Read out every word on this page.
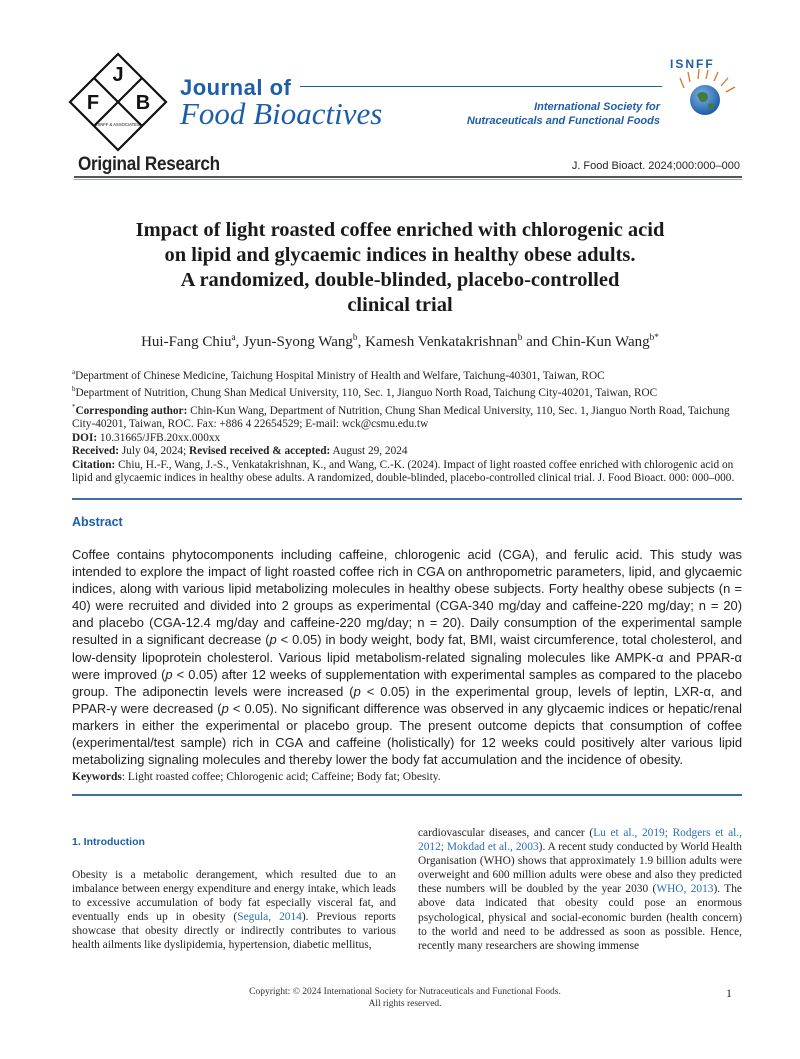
J
F B
ISNFF & ASSOCIATES
Journal of
Food Bioactives	International Society for
Nutraceuticals and Functional Foods
ISNFF
Original Research	J. Food Bioact. 2024;000:000–000
Impact of light roasted coffee enriched with chlorogenic acid
on lipid and glycaemic indices in healthy obese adults.
A randomized, double-blinded, placebo-controlled
clinical trial
Hui-Fang Chiu$^a$, Jyun-Syong Wang$^b$, Kamesh Venkatakrishnan$^b$ and Chin-Kun Wang$^{b*}$

$^a$Department of Chinese Medicine, Taichung Hospital Ministry of Health and Welfare, Taichung-40301, Taiwan, ROC

$^b$Department of Nutrition, Chung Shan Medical University, 110, Sec. 1, Jianguo North Road, Taichung City-40201, Taiwan, ROC

*Corresponding author: Chin-Kun Wang, Department of Nutrition, Chung Shan Medical University, 110, Sec. 1, Jianguo North Road, Taichung City-40201, Taiwan, ROC. Fax: +886 4 22654529; E-mail: wck@csmu.edu.tw

DOI: 10.31665/JFB.20xx.000xx

Received: July 04, 2024; Revised received & accepted: August 29, 2024

Citation: Chiu, H.-F., Wang, J.-S., Venkatakrishnan, K., and Wang, C.-K. (2024). Impact of light roasted coffee enriched with chlorogenic acid on lipid and glycaemic indices in healthy obese adults. A randomized, double-blinded, placebo-controlled clinical trial. J. Food Bioact. 000: 000–000.

Abstract
Coffee contains phytocomponents including caffeine, chlorogenic acid (CGA), and ferulic acid. This study was intended to explore the impact of light roasted coffee rich in CGA on anthropometric parameters, lipid, and glycaemic indices, along with various lipid metabolizing molecules in healthy obese subjects. Forty healthy obese subjects (n = 40) were recruited and divided into 2 groups as experimental (CGA-340 mg/day and caffeine-220 mg/day; n = 20) and placebo (CGA-12.4 mg/day and caffeine-220 mg/day; n = 20). Daily consumption of the experimental sample resulted in a significant decrease (p < 0.05) in body weight, body fat, BMI, waist circumference, total cholesterol, and low-density lipoprotein cholesterol. Various lipid metabolism-related signaling molecules like AMPK-α and PPAR-α were improved (p < 0.05) after 12 weeks of supplementation with experimental samples as compared to the placebo group. The adiponectin levels were increased (p < 0.05) in the experimental group, levels of leptin, LXR-α, and PPAR-γ were decreased (p < 0.05). No significant difference was observed in any glycaemic indices or hepatic/renal markers in either the experimental or placebo group. The present outcome depicts that consumption of coffee (experimental/test sample) rich in CGA and caffeine (holistically) for 12 weeks could positively alter various lipid metabolizing signaling molecules and thereby lower the body fat accumulation and the incidence of obesity.
Keywords: Light roasted coffee; Chlorogenic acid; Caffeine; Body fat; Obesity.
1. Introduction
Obesity is a metabolic derangement, which resulted due to an imbalance between energy expenditure and energy intake, which leads to excessive accumulation of body fat especially visceral fat, and eventually ends up in obesity (Segula, 2014). Previous reports showcase that obesity directly or indirectly contributes to various health ailments like dyslipidemia, hypertension, diabetic mellitus,
cardiovascular diseases, and cancer (Lu et al., 2019; Rodgers et al., 2012; Mokdad et al., 2003). A recent study conducted by World Health Organisation (WHO) shows that approximately 1.9 billion adults were overweight and 600 million adults were obese and also they predicted these numbers will be doubled by the year 2030 (WHO, 2013). The above data indicated that obesity could pose an enormous psychological, physical and social-economic burden (health concern) to the world and need to be addressed as soon as possible. Hence, recently many researchers are showing immense
Copyright: © 2024 International Society for Nutraceuticals and Functional Foods.
All rights reserved.
1
